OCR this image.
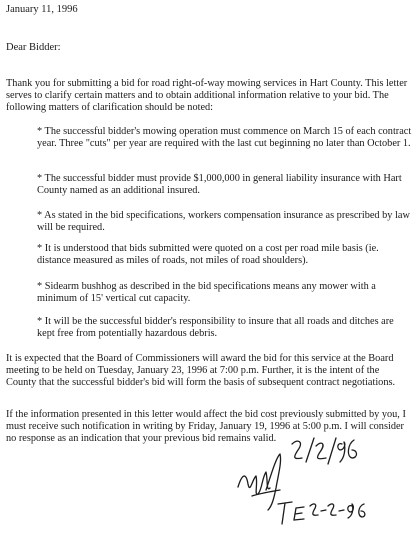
January 11, 1996
Dear Bidder:
Thank you for submitting a bid for road right-of-way mowing services in Hart County. This letter serves to clarify certain matters and to obtain additional information relative to your bid. The following matters of clarification should be noted:
* The successful bidder's mowing operation must commence on March 15 of each contract year. Three "cuts" per year are required with the last cut beginning no later than October 1.
* The successful bidder must provide $1,000,000 in general liability insurance with Hart County named as an additional insured.
* As stated in the bid specifications, workers compensation insurance as prescribed by law will be required.
* It is understood that bids submitted were quoted on a cost per road mile basis (ie. distance measured as miles of roads, not miles of road shoulders).
* Sidearm bushhog as described in the bid specifications means any mower with a minimum of 15' vertical cut capacity.
* It will be the successful bidder's responsibility to insure that all roads and ditches are kept free from potentially hazardous debris.
It is expected that the Board of Commissioners will award the bid for this service at the Board meeting to be held on Tuesday, January 23, 1996 at 7:00 p.m. Further, it is the intent of the County that the successful bidder's bid will form the basis of subsequent contract negotiations.
If the information presented in this letter would affect the bid cost previously submitted by you, I must receive such notification in writing by Friday, January 19, 1996 at 5:00 p.m. I will consider no response as an indication that your previous bid remains valid.
